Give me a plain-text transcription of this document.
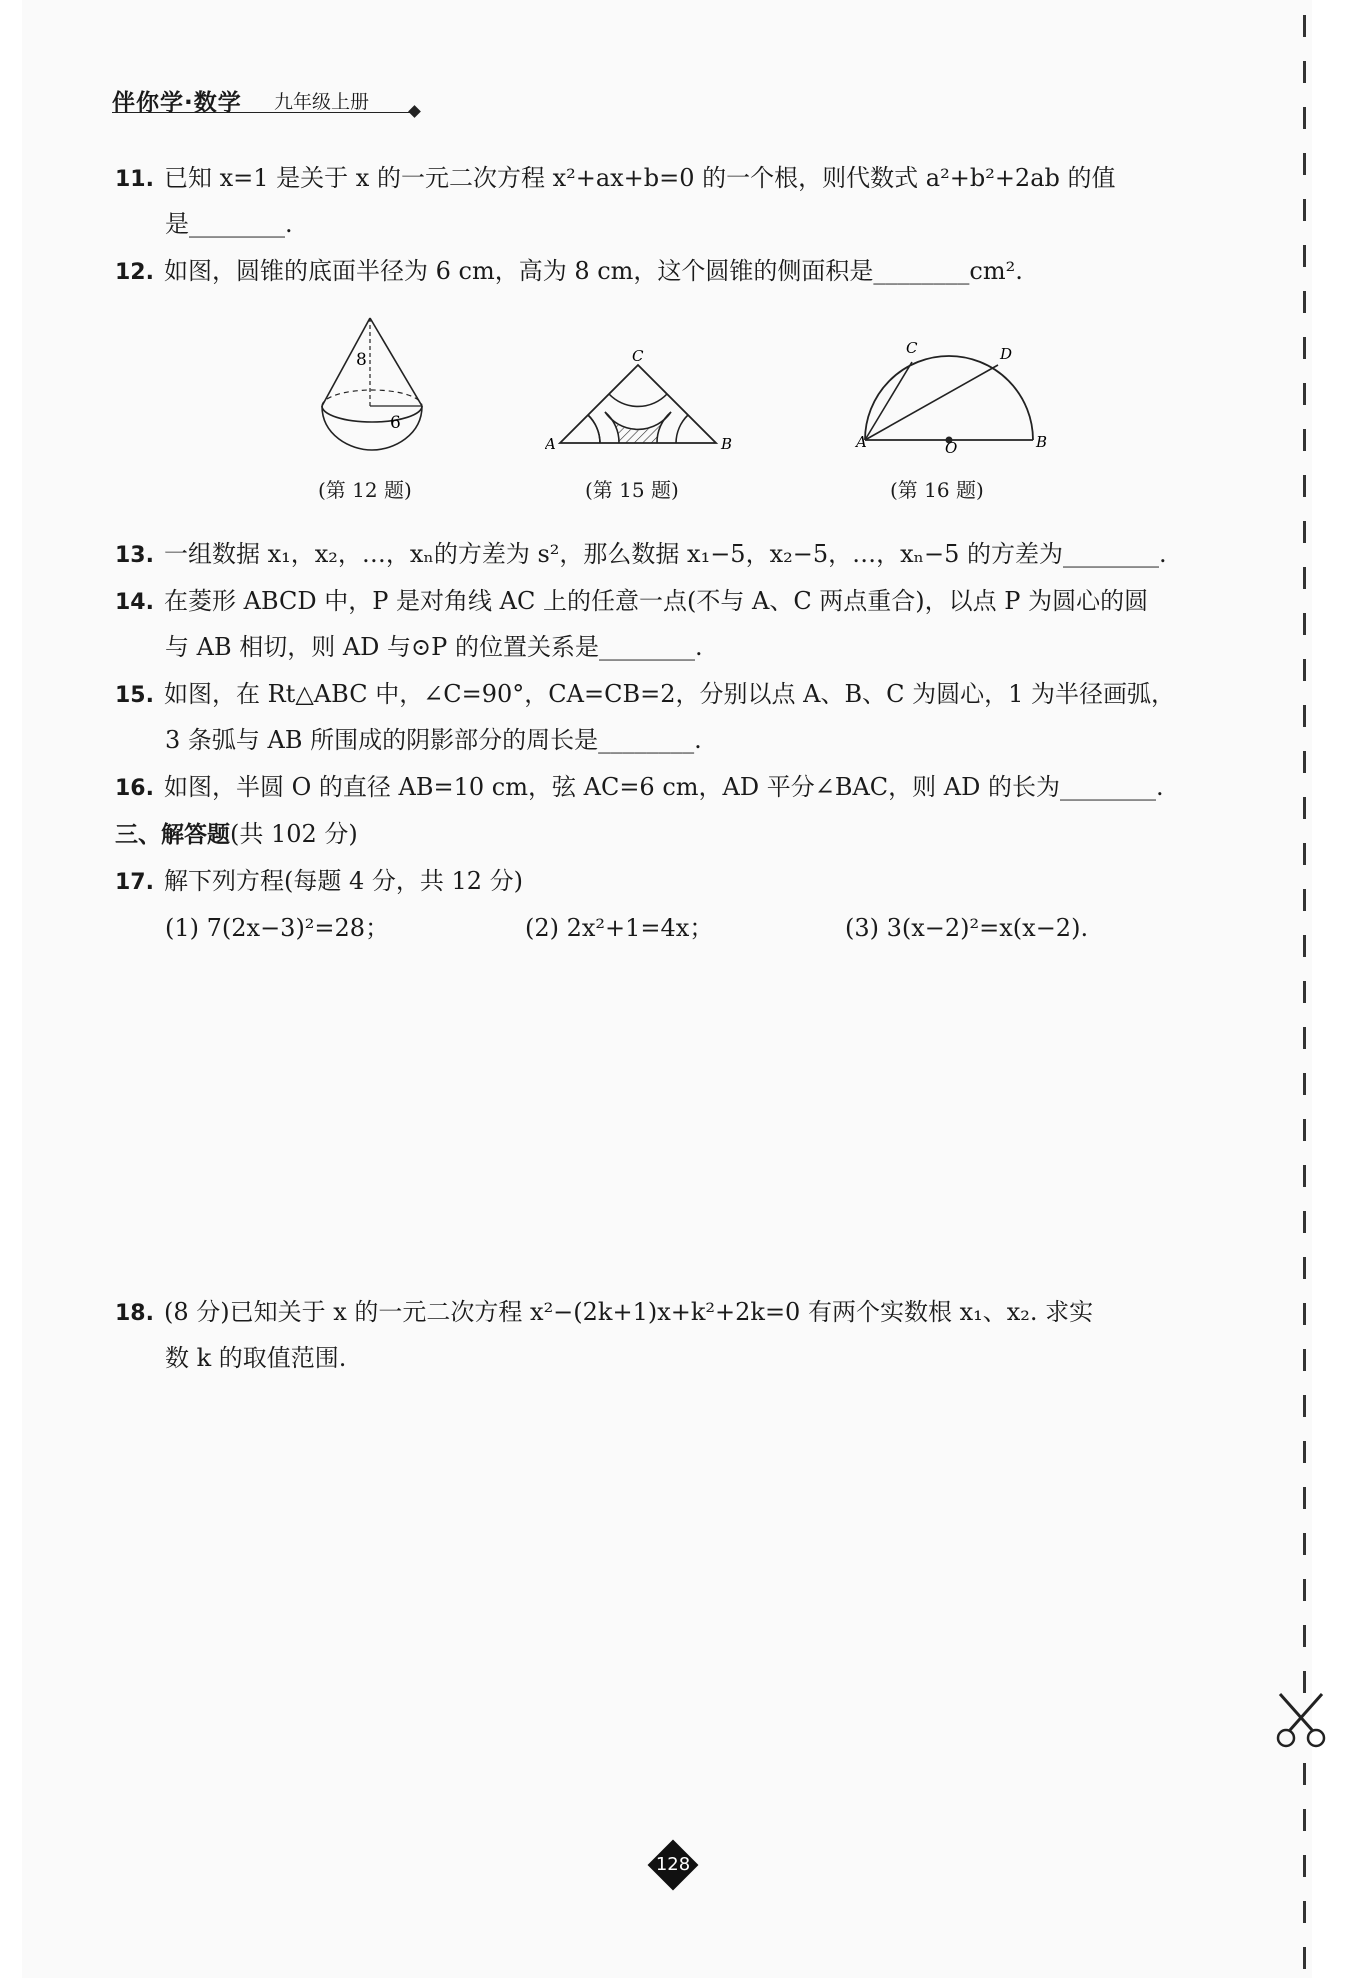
伴你学·数学 九年级上册
11. 已知 x=1 是关于 x 的一元二次方程 x²+ax+b=0 的一个根，则代数式 a²+b²+2ab 的值
是________.
12. 如图，圆锥的底面半径为 6 cm，高为 8 cm，这个圆锥的侧面积是________cm².
8
6
(第 12 题)
C
A	B
(第 15 题)
C	D
A	O	B
(第 16 题)
13. 一组数据 x₁，x₂，…，xₙ的方差为 s²，那么数据 x₁−5，x₂−5，…，xₙ−5 的方差为________.
14. 在菱形 ABCD 中，P 是对角线 AC 上的任意一点(不与 A、C 两点重合)，以点 P 为圆心的圆
与 AB 相切，则 AD 与⊙P 的位置关系是________.
15. 如图，在 Rt△ABC 中，∠C=90°，CA=CB=2，分别以点 A、B、C 为圆心，1 为半径画弧，
3 条弧与 AB 所围成的阴影部分的周长是________.
16. 如图，半圆 O 的直径 AB=10 cm，弦 AC=6 cm，AD 平分∠BAC，则 AD 的长为________.
三、解答题(共 102 分)
17. 解下列方程(每题 4 分，共 12 分)
(1) 7(2x−3)²=28；	(2) 2x²+1=4x；	(3) 3(x−2)²=x(x−2).
18. (8 分)已知关于 x 的一元二次方程 x²−(2k+1)x+k²+2k=0 有两个实数根 x₁、x₂. 求实
数 k 的取值范围.
128
